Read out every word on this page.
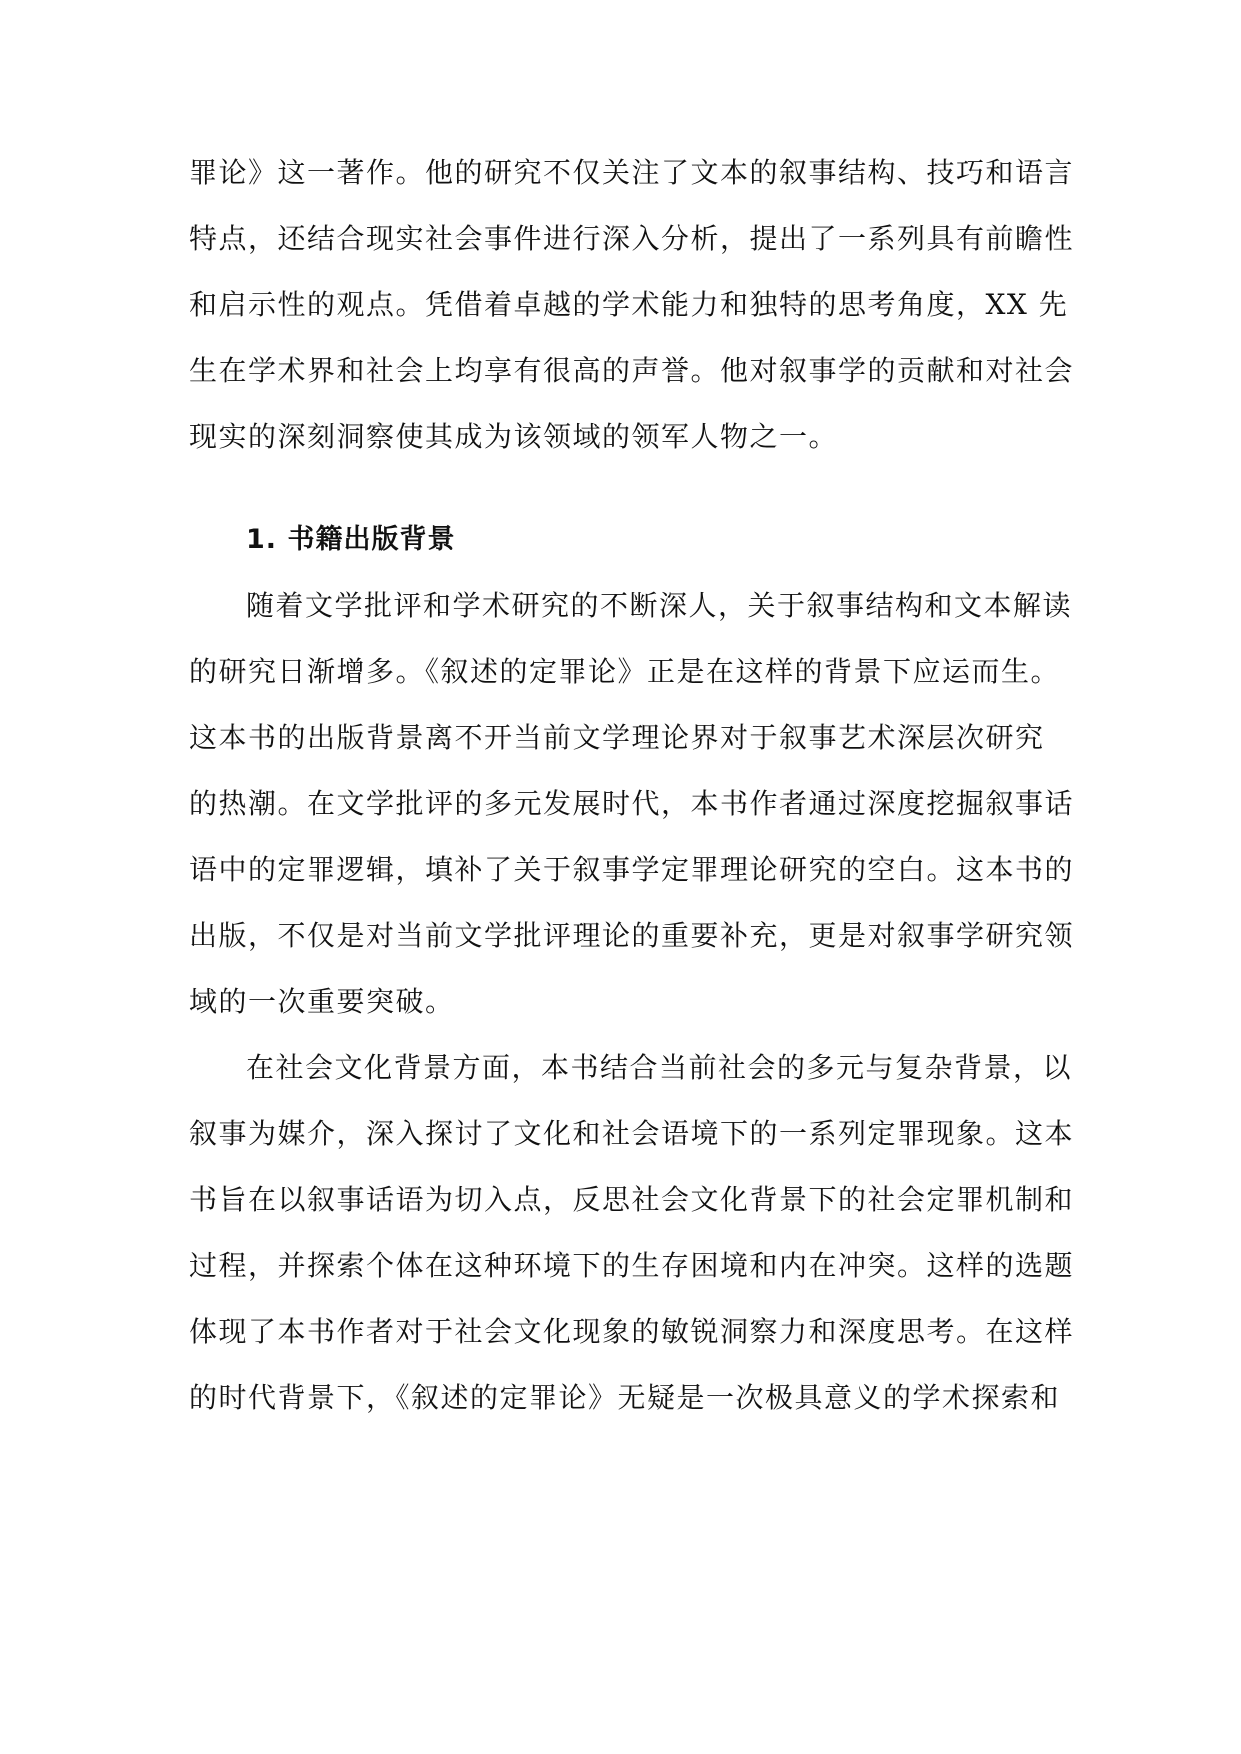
罪论》这一著作。他的研究不仅关注了文本的叙事结构、技巧和语言
特点，还结合现实社会事件进行深入分析，提出了一系列具有前瞻性
和启示性的观点。凭借着卓越的学术能力和独特的思考角度，XX 先
生在学术界和社会上均享有很高的声誉。他对叙事学的贡献和对社会
现实的深刻洞察使其成为该领域的领军人物之一。
1. 书籍出版背景
随着文学批评和学术研究的不断深人，关于叙事结构和文本解读
的研究日渐增多。《叙述的定罪论》正是在这样的背景下应运而生。
这本书的出版背景离不开当前文学理论界对于叙事艺术深层次研究
的热潮。在文学批评的多元发展时代，本书作者通过深度挖掘叙事话
语中的定罪逻辑，填补了关于叙事学定罪理论研究的空白。这本书的
出版，不仅是对当前文学批评理论的重要补充，更是对叙事学研究领
域的一次重要突破。
在社会文化背景方面，本书结合当前社会的多元与复杂背景，以
叙事为媒介，深入探讨了文化和社会语境下的一系列定罪现象。这本
书旨在以叙事话语为切入点，反思社会文化背景下的社会定罪机制和
过程，并探索个体在这种环境下的生存困境和内在冲突。这样的选题
体现了本书作者对于社会文化现象的敏锐洞察力和深度思考。在这样
的时代背景下，《叙述的定罪论》无疑是一次极具意义的学术探索和
